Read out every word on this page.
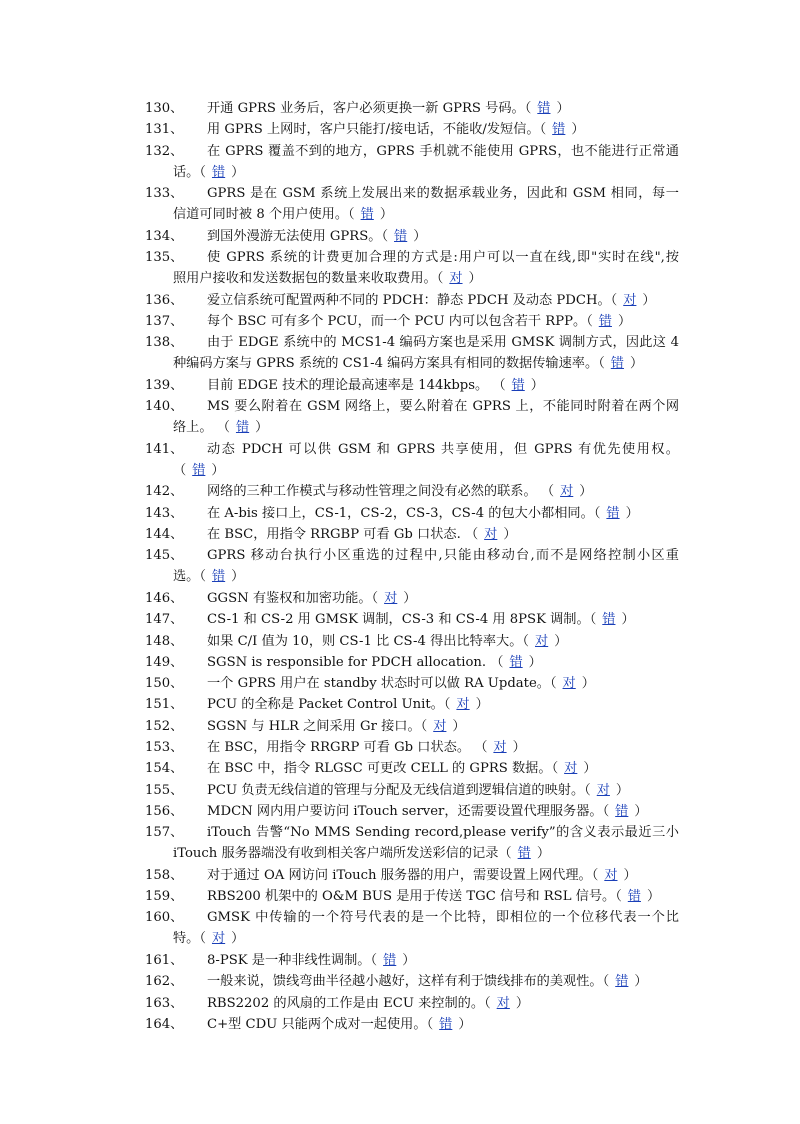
130、 开通 GPRS 业务后，客户必须更换一新 GPRS 号码。（ 错 ）
131、 用 GPRS 上网时，客户只能打/接电话，不能收/发短信。（ 错 ）
132、 在 GPRS 覆盖不到的地方，GPRS 手机就不能使用 GPRS，也不能进行正常通
话。（ 错 ）
133、 GPRS 是在 GSM 系统上发展出来的数据承载业务，因此和 GSM 相同，每一
信道可同时被 8 个用户使用。（ 错 ）
134、 到国外漫游无法使用 GPRS。（ 错 ）
135、 使 GPRS 系统的计费更加合理的方式是:用户可以一直在线,即"实时在线",按
照用户接收和发送数据包的数量来收取费用。（ 对 ）
136、 爱立信系统可配置两种不同的 PDCH：静态 PDCH 及动态 PDCH。（ 对 ）
137、 每个 BSC 可有多个 PCU，而一个 PCU 内可以包含若干 RPP。（ 错 ）
138、 由于 EDGE 系统中的 MCS1-4 编码方案也是采用 GMSK 调制方式，因此这 4
种编码方案与 GPRS 系统的 CS1-4 编码方案具有相同的数据传输速率。（ 错 ）
139、 目前 EDGE 技术的理论最高速率是 144kbps。 （ 错 ）
140、 MS 要么附着在 GSM 网络上，要么附着在 GPRS 上，不能同时附着在两个网
络上。 （ 错 ）
141、 动态 PDCH 可以供 GSM 和 GPRS 共享使用，但 GPRS 有优先使用权。
（ 错 ）
142、 网络的三种工作模式与移动性管理之间没有必然的联系。 （ 对 ）
143、 在 A-bis 接口上，CS-1，CS-2，CS-3，CS-4 的包大小都相同。（ 错 ）
144、 在 BSC，用指令 RRGBP 可看 Gb 口状态. （ 对 ）
145、 GPRS 移动台执行小区重选的过程中,只能由移动台,而不是网络控制小区重
选。（ 错 ）
146、 GGSN 有鉴权和加密功能。（ 对 ）
147、 CS-1 和 CS-2 用 GMSK 调制，CS-3 和 CS-4 用 8PSK 调制。（ 错 ）
148、 如果 C/I 值为 10，则 CS-1 比 CS-4 得出比特率大。（ 对 ）
149、 SGSN is responsible for PDCH allocation. （ 错 ）
150、 一个 GPRS 用户在 standby 状态时可以做 RA Update。（ 对 ）
151、 PCU 的全称是 Packet Control Unit。（ 对 ）
152、 SGSN 与 HLR 之间采用 Gr 接口。（ 对 ）
153、 在 BSC，用指令 RRGRP 可看 Gb 口状态。 （ 对 ）
154、 在 BSC 中，指令 RLGSC 可更改 CELL 的 GPRS 数据。（ 对 ）
155、 PCU 负责无线信道的管理与分配及无线信道到逻辑信道的映射。（ 对 ）
156、 MDCN 网内用户要访问 iTouch server，还需要设置代理服务器。（ 错 ）
157、 iTouch 告警“No MMS Sending record,please verify”的含义表示最近三小
iTouch 服务器端没有收到相关客户端所发送彩信的记录（ 错 ）
158、 对于通过 OA 网访问 iTouch 服务器的用户，需要设置上网代理。（ 对 ）
159、 RBS200 机架中的 O&M BUS 是用于传送 TGC 信号和 RSL 信号。（ 错 ）
160、 GMSK 中传输的一个符号代表的是一个比特，即相位的一个位移代表一个比
特。（ 对 ）
161、 8-PSK 是一种非线性调制。（ 错 ）
162、 一般来说，馈线弯曲半径越小越好，这样有利于馈线排布的美观性。（ 错 ）
163、 RBS2202 的风扇的工作是由 ECU 来控制的。（ 对 ）
164、 C+型 CDU 只能两个成对一起使用。（ 错 ）
